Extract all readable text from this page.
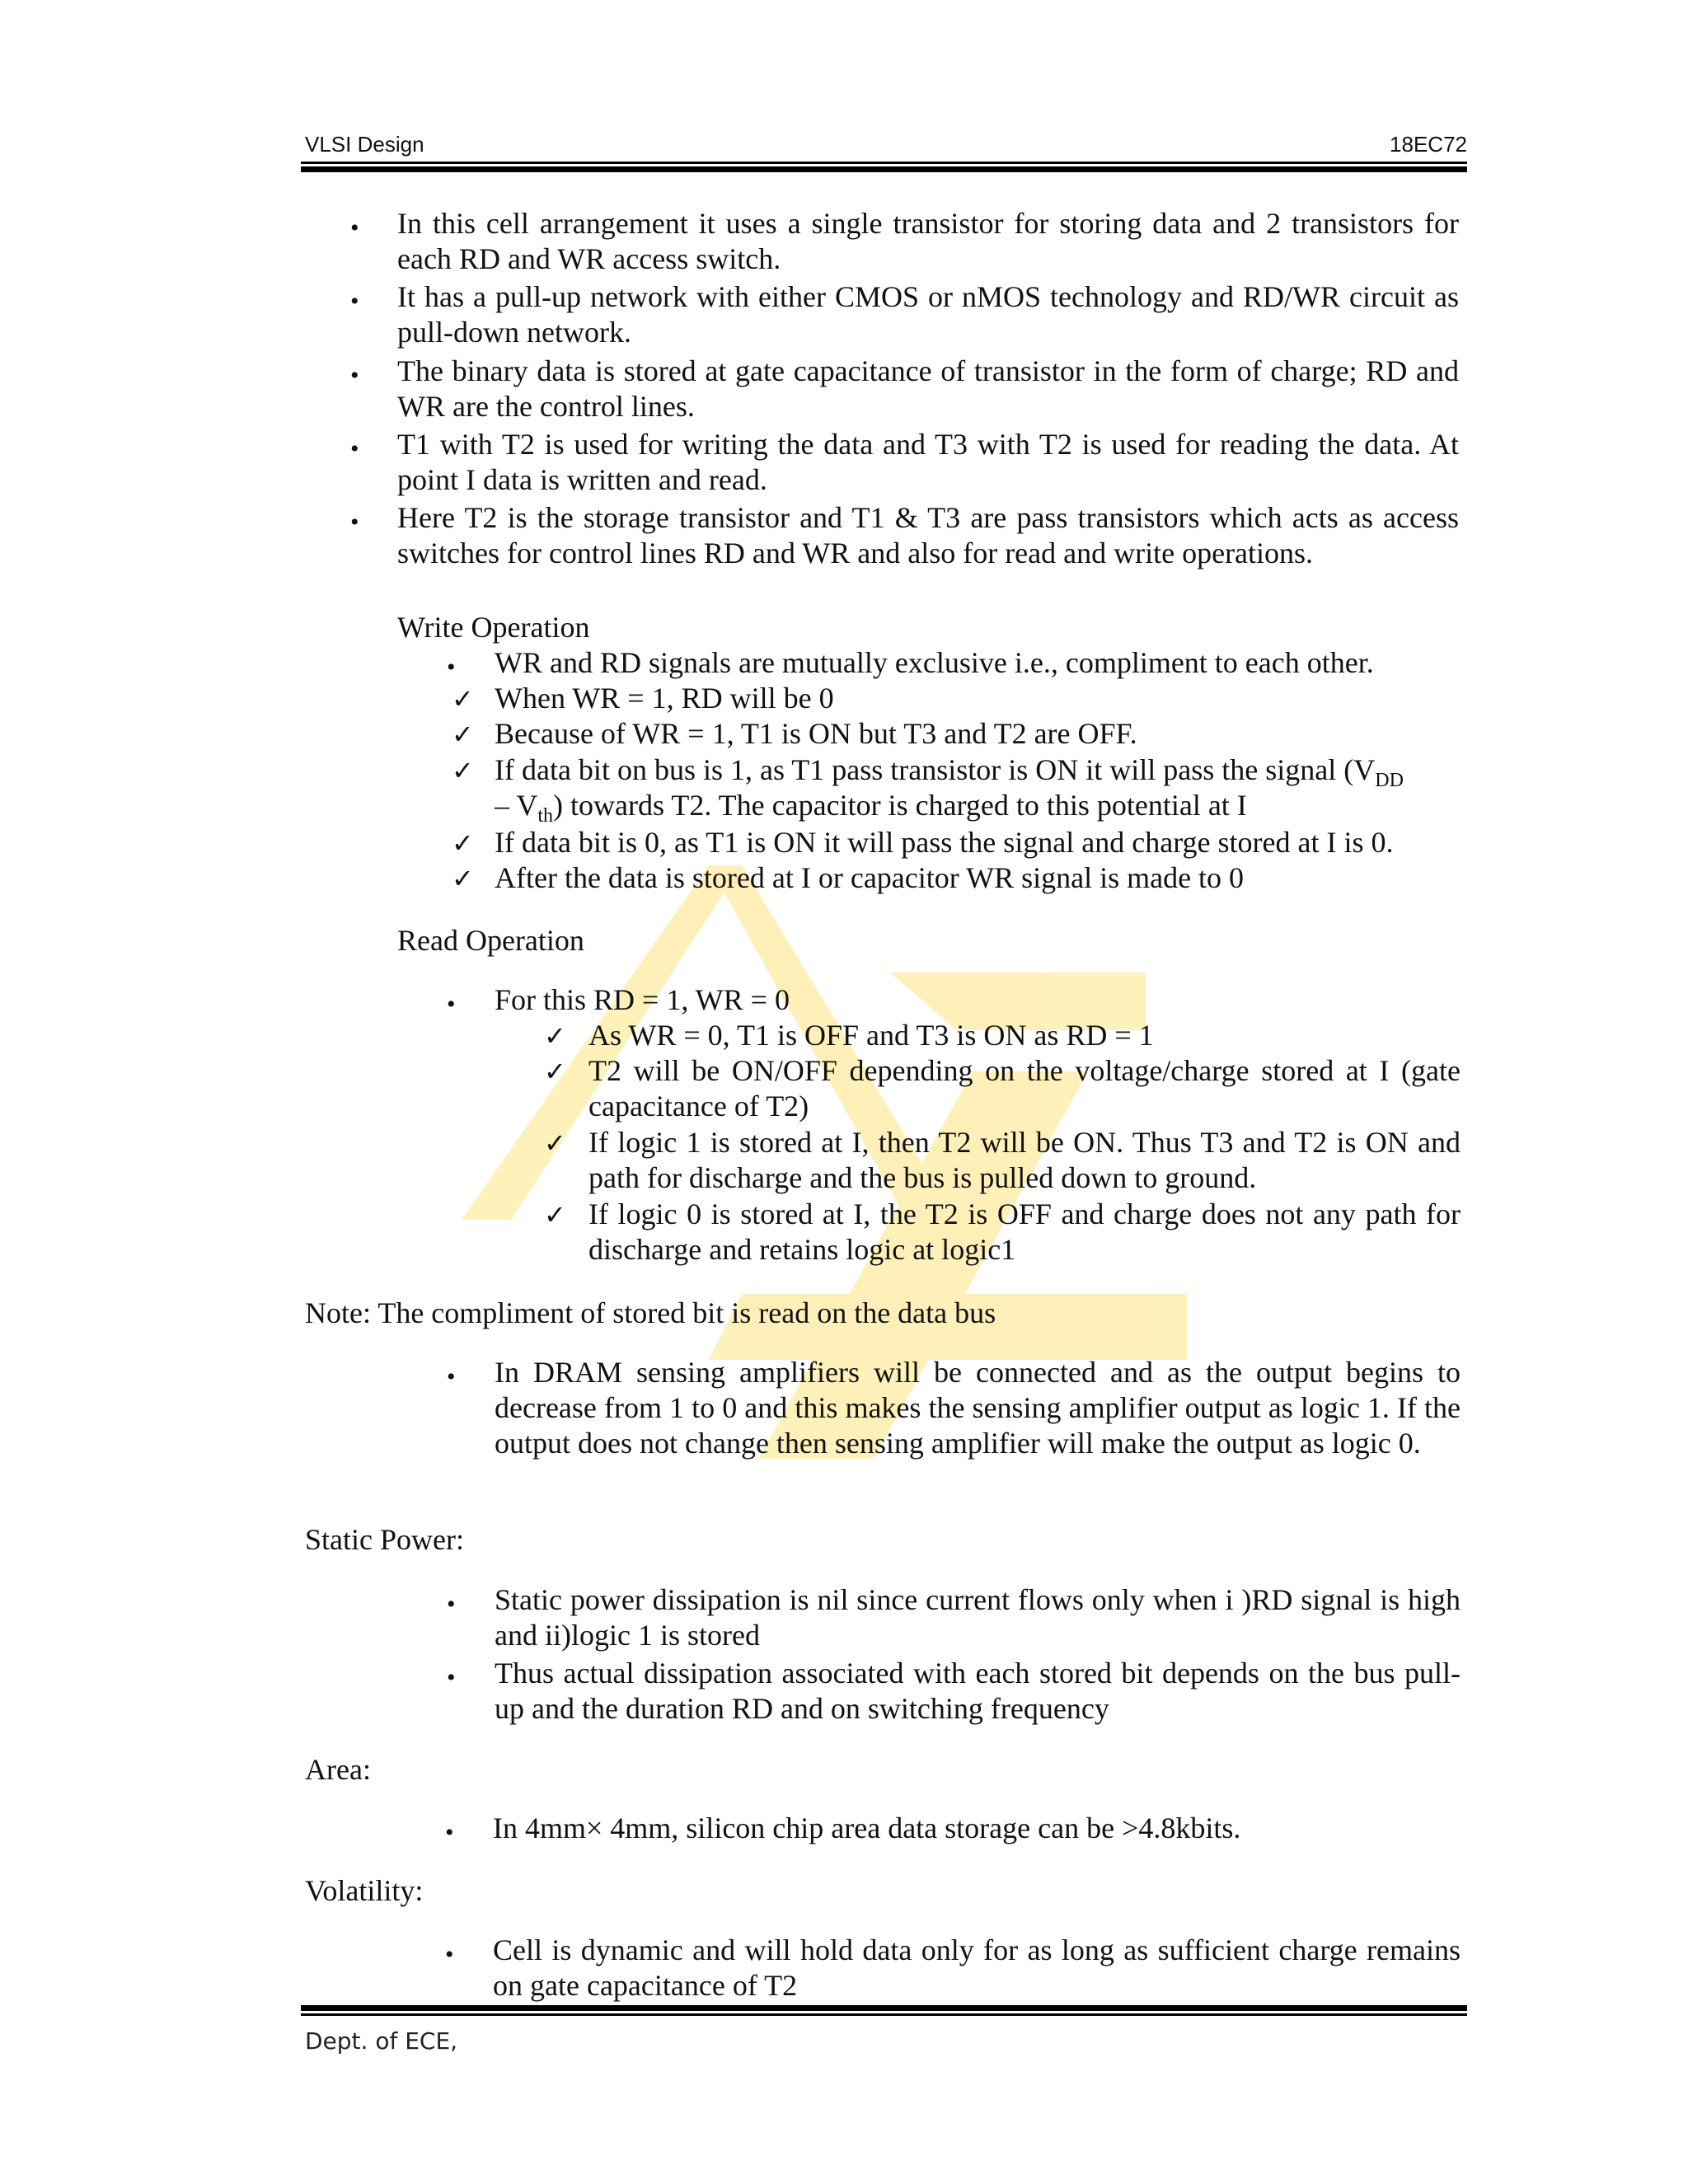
VLSI Design	18EC72
• In this cell arrangement it uses a single transistor for storing data and 2 transistors for each RD and WR access switch.
• It has a pull-up network with either CMOS or nMOS technology and RD/WR circuit as pull-down network.
• The binary data is stored at gate capacitance of transistor in the form of charge; RD and WR are the control lines.
• T1 with T2 is used for writing the data and T3 with T2 is used for reading the data. At point I data is written and read.
• Here T2 is the storage transistor and T1 & T3 are pass transistors which acts as access switches for control lines RD and WR and also for read and write operations.
Write Operation
• WR and RD signals are mutually exclusive i.e., compliment to each other.
✓ When WR = 1, RD will be 0
✓ Because of WR = 1, T1 is ON but T3 and T2 are OFF.
✓ If data bit on bus is 1, as T1 pass transistor is ON it will pass the signal ($V_{DD}$
– $V_{th}$) towards T2. The capacitor is charged to this potential at I
✓ If data bit is 0, as T1 is ON it will pass the signal and charge stored at I is 0.
✓ After the data is stored at I or capacitor WR signal is made to 0
Read Operation
• For this RD = 1, WR = 0
✓ As WR = 0, T1 is OFF and T3 is ON as RD = 1
✓ T2 will be ON/OFF depending on the voltage/charge stored at I (gate capacitance of T2)
✓ If logic 1 is stored at I, then T2 will be ON. Thus T3 and T2 is ON and path for discharge and the bus is pulled down to ground.
✓ If logic 0 is stored at I, the T2 is OFF and charge does not any path for discharge and retains logic at logic1
Note: The compliment of stored bit is read on the data bus
• In DRAM sensing amplifiers will be connected and as the output begins to decrease from 1 to 0 and this makes the sensing amplifier output as logic 1. If the output does not change then sensing amplifier will make the output as logic 0.
Static Power:
• Static power dissipation is nil since current flows only when i )RD signal is high and ii)logic 1 is stored
• Thus actual dissipation associated with each stored bit depends on the bus pull-up and the duration RD and on switching frequency
Area:
• In 4mm× 4mm, silicon chip area data storage can be >4.8kbits.
Volatility:
• Cell is dynamic and will hold data only for as long as sufficient charge remains on gate capacitance of T2
Dept. of ECE,
